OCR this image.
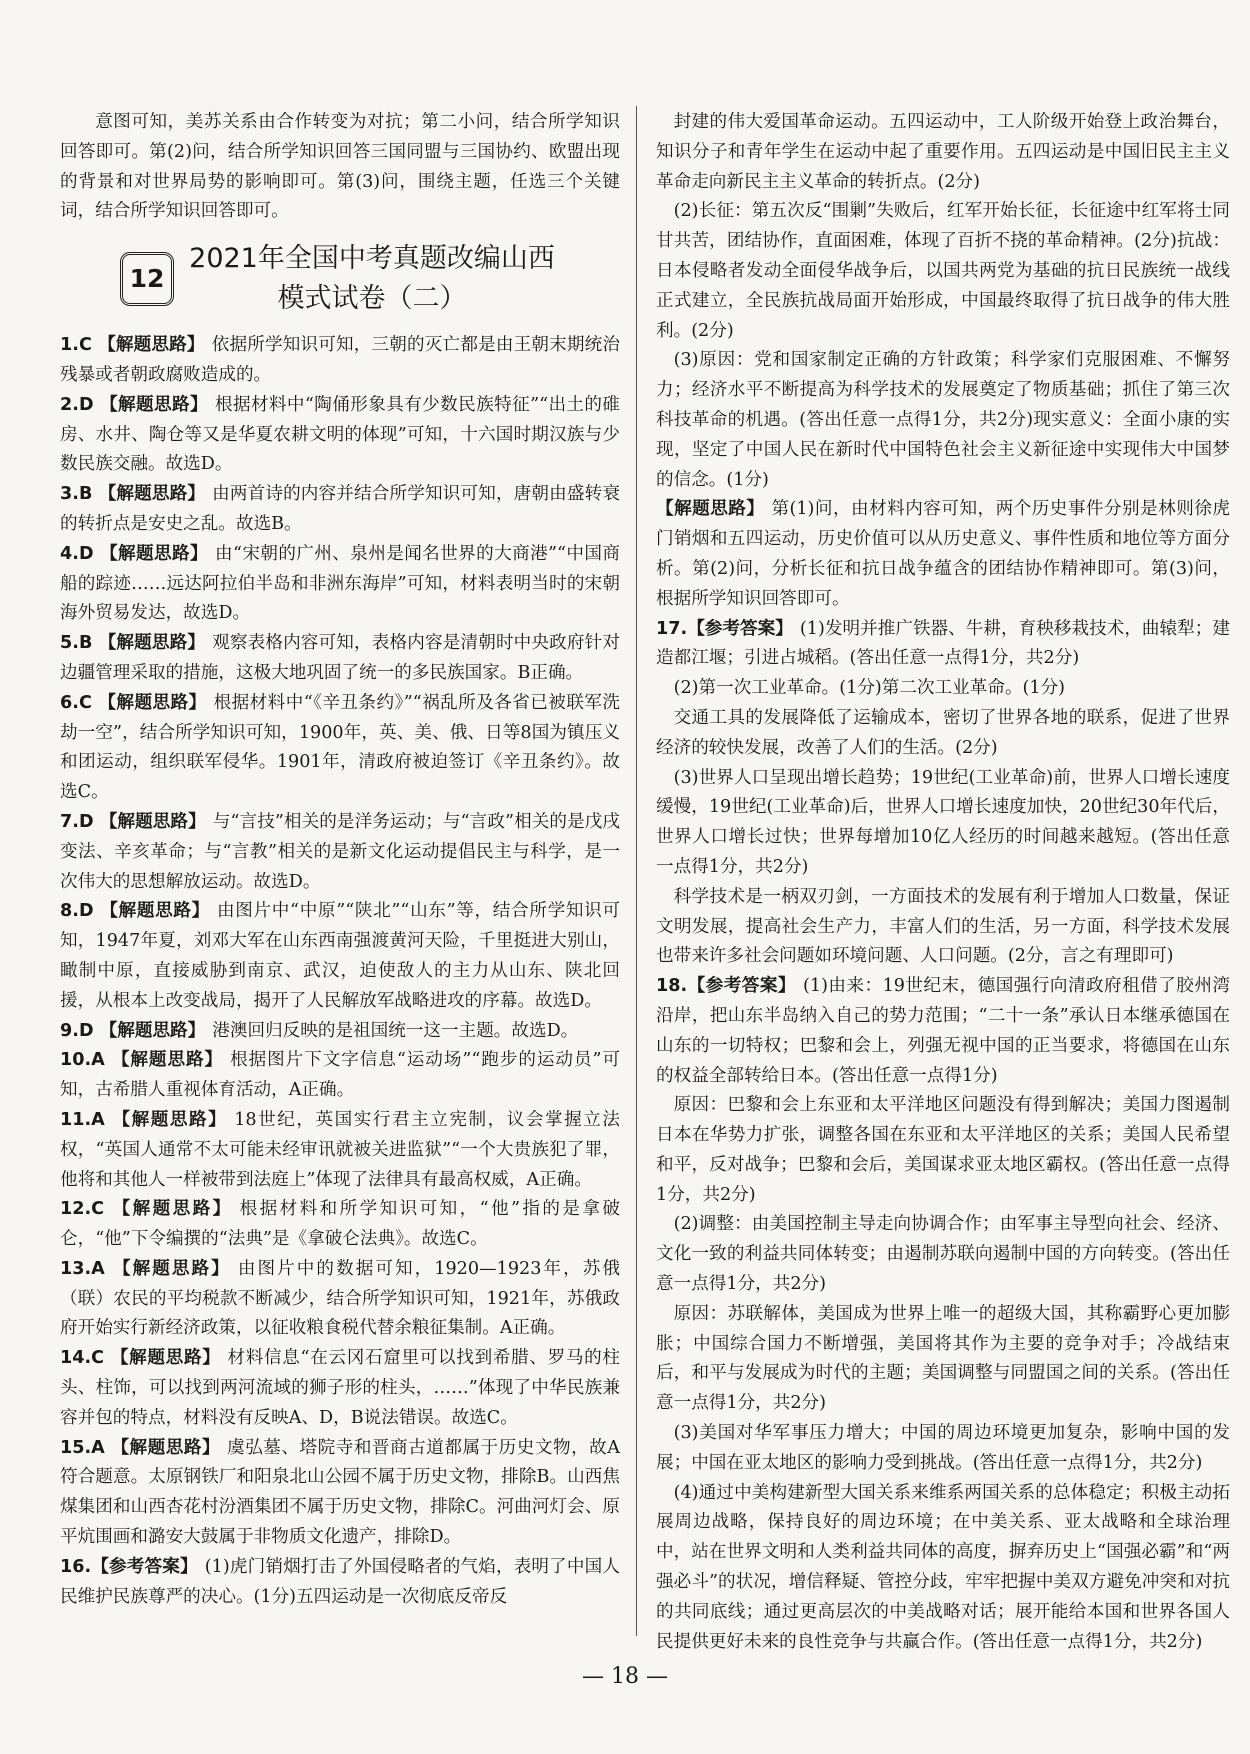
意图可知，美苏关系由合作转变为对抗；第二小问，结合所学知识回答即可。第(2)问，结合所学知识回答三国同盟与三国协约、欧盟出现的背景和对世界局势的影响即可。第(3)问，围绕主题，任选三个关键词，结合所学知识回答即可。

12
2021年全国中考真题改编山西
模式试卷（二）

1.C 【解题思路】 依据所学知识可知，三朝的灭亡都是由王朝末期统治残暴或者朝政腐败造成的。

2.D 【解题思路】 根据材料中“陶俑形象具有少数民族特征”“出土的碓房、水井、陶仓等又是华夏农耕文明的体现”可知，十六国时期汉族与少数民族交融。故选D。

3.B 【解题思路】 由两首诗的内容并结合所学知识可知，唐朝由盛转衰的转折点是安史之乱。故选B。

4.D 【解题思路】 由“宋朝的广州、泉州是闻名世界的大商港”“中国商船的踪迹……远达阿拉伯半岛和非洲东海岸”可知，材料表明当时的宋朝海外贸易发达，故选D。

5.B 【解题思路】 观察表格内容可知，表格内容是清朝时中央政府针对边疆管理采取的措施，这极大地巩固了统一的多民族国家。B正确。

6.C 【解题思路】 根据材料中“《辛丑条约》”“祸乱所及各省已被联军洗劫一空”，结合所学知识可知，1900年，英、美、俄、日等8国为镇压义和团运动，组织联军侵华。1901年，清政府被迫签订《辛丑条约》。故选C。

7.D 【解题思路】 与“言技”相关的是洋务运动；与“言政”相关的是戊戌变法、辛亥革命；与“言教”相关的是新文化运动提倡民主与科学，是一次伟大的思想解放运动。故选D。

8.D 【解题思路】 由图片中“中原”“陕北”“山东”等，结合所学知识可知，1947年夏，刘邓大军在山东西南强渡黄河天险，千里挺进大别山，瞰制中原，直接威胁到南京、武汉，迫使敌人的主力从山东、陕北回援，从根本上改变战局，揭开了人民解放军战略进攻的序幕。故选D。

9.D 【解题思路】 港澳回归反映的是祖国统一这一主题。故选D。

10.A 【解题思路】 根据图片下文字信息“运动场”“跑步的运动员”可知，古希腊人重视体育活动，A正确。

11.A 【解题思路】 18世纪，英国实行君主立宪制，议会掌握立法权，“英国人通常不太可能未经审讯就被关进监狱”“一个大贵族犯了罪，他将和其他人一样被带到法庭上”体现了法律具有最高权威，A正确。

12.C 【解题思路】 根据材料和所学知识可知，“他”指的是拿破仑，“他”下令编撰的“法典”是《拿破仑法典》。故选C。

13.A 【解题思路】 由图片中的数据可知，1920—1923年，苏俄（联）农民的平均税款不断减少，结合所学知识可知，1921年，苏俄政府开始实行新经济政策，以征收粮食税代替余粮征集制。A正确。

14.C 【解题思路】 材料信息“在云冈石窟里可以找到希腊、罗马的柱头、柱饰，可以找到两河流域的狮子形的柱头，……”体现了中华民族兼容并包的特点，材料没有反映A、D，B说法错误。故选C。

15.A 【解题思路】 虞弘墓、塔院寺和晋商古道都属于历史文物，故A符合题意。太原钢铁厂和阳泉北山公园不属于历史文物，排除B。山西焦煤集团和山西杏花村汾酒集团不属于历史文物，排除C。河曲河灯会、原平炕围画和潞安大鼓属于非物质文化遗产，排除D。

16.【参考答案】 (1)虎门销烟打击了外国侵略者的气焰，表明了中国人民维护民族尊严的决心。(1分)五四运动是一次彻底反帝反

封建的伟大爱国革命运动。五四运动中，工人阶级开始登上政治舞台，知识分子和青年学生在运动中起了重要作用。五四运动是中国旧民主主义革命走向新民主主义革命的转折点。(2分)

(2)长征：第五次反“围剿”失败后，红军开始长征，长征途中红军将士同甘共苦，团结协作，直面困难，体现了百折不挠的革命精神。(2分)抗战：日本侵略者发动全面侵华战争后，以国共两党为基础的抗日民族统一战线正式建立，全民族抗战局面开始形成，中国最终取得了抗日战争的伟大胜利。(2分)

(3)原因：党和国家制定正确的方针政策；科学家们克服困难、不懈努力；经济水平不断提高为科学技术的发展奠定了物质基础；抓住了第三次科技革命的机遇。(答出任意一点得1分，共2分)现实意义：全面小康的实现，坚定了中国人民在新时代中国特色社会主义新征途中实现伟大中国梦的信念。(1分)

【解题思路】 第(1)问，由材料内容可知，两个历史事件分别是林则徐虎门销烟和五四运动，历史价值可以从历史意义、事件性质和地位等方面分析。第(2)问，分析长征和抗日战争蕴含的团结协作精神即可。第(3)问，根据所学知识回答即可。

17.【参考答案】 (1)发明并推广铁器、牛耕，育秧移栽技术，曲辕犁；建造都江堰；引进占城稻。(答出任意一点得1分，共2分)

(2)第一次工业革命。(1分)第二次工业革命。(1分)

交通工具的发展降低了运输成本，密切了世界各地的联系，促进了世界经济的较快发展，改善了人们的生活。(2分)

(3)世界人口呈现出增长趋势；19世纪(工业革命)前，世界人口增长速度缓慢，19世纪(工业革命)后，世界人口增长速度加快，20世纪30年代后，世界人口增长过快；世界每增加10亿人经历的时间越来越短。(答出任意一点得1分，共2分)

科学技术是一柄双刃剑，一方面技术的发展有利于增加人口数量，保证文明发展，提高社会生产力，丰富人们的生活，另一方面，科学技术发展也带来许多社会问题如环境问题、人口问题。(2分，言之有理即可)

18.【参考答案】 (1)由来：19世纪末，德国强行向清政府租借了胶州湾沿岸，把山东半岛纳入自己的势力范围；“二十一条”承认日本继承德国在山东的一切特权；巴黎和会上，列强无视中国的正当要求，将德国在山东的权益全部转给日本。(答出任意一点得1分)

原因：巴黎和会上东亚和太平洋地区问题没有得到解决；美国力图遏制日本在华势力扩张，调整各国在东亚和太平洋地区的关系；美国人民希望和平，反对战争；巴黎和会后，美国谋求亚太地区霸权。(答出任意一点得1分，共2分)

(2)调整：由美国控制主导走向协调合作；由军事主导型向社会、经济、文化一致的利益共同体转变；由遏制苏联向遏制中国的方向转变。(答出任意一点得1分，共2分)

原因：苏联解体，美国成为世界上唯一的超级大国，其称霸野心更加膨胀；中国综合国力不断增强，美国将其作为主要的竞争对手；冷战结束后，和平与发展成为时代的主题；美国调整与同盟国之间的关系。(答出任意一点得1分，共2分)

(3)美国对华军事压力增大；中国的周边环境更加复杂，影响中国的发展；中国在亚太地区的影响力受到挑战。(答出任意一点得1分，共2分)

(4)通过中美构建新型大国关系来维系两国关系的总体稳定；积极主动拓展周边战略，保持良好的周边环境；在中美关系、亚太战略和全球治理中，站在世界文明和人类利益共同体的高度，摒弃历史上“国强必霸”和“两强必斗”的状况，增信释疑、管控分歧，牢牢把握中美双方避免冲突和对抗的共同底线；通过更高层次的中美战略对话；展开能给本国和世界各国人民提供更好未来的良性竞争与共赢合作。(答出任意一点得1分，共2分)

— 18 —
